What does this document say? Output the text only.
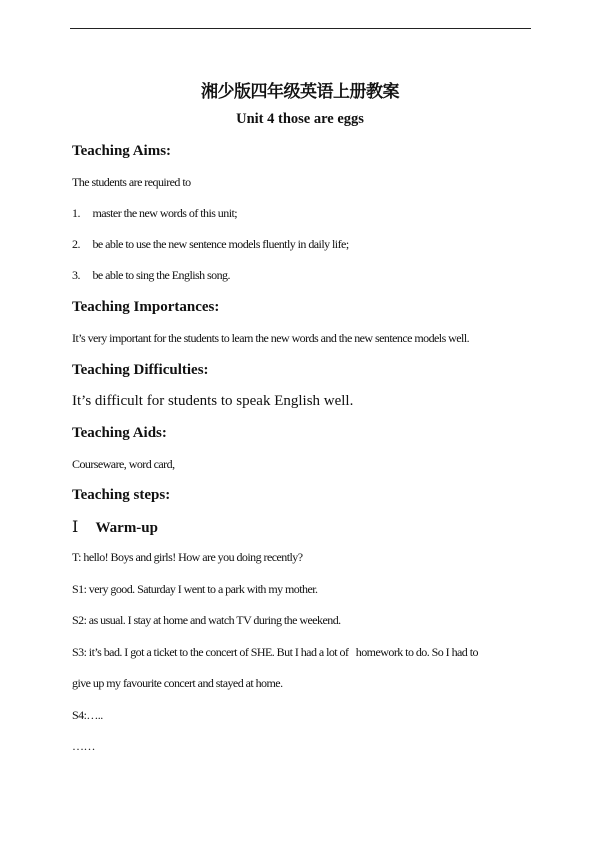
湘少版四年级英语上册教案
Unit 4 those are eggs
Teaching Aims:
The students are required to
1. master the new words of this unit;
2. be able to use the new sentence models fluently in daily life;
3. be able to sing the English song.
Teaching Importances:
It’s very important for the students to learn the new words and the new sentence models well.
Teaching Difficulties:
It’s difficult for students to speak English well.
Teaching Aids:
Courseware, word card,
Teaching steps:
Ⅰ Warm-up
T: hello! Boys and girls! How are you doing recently?
S1: very good. Saturday I went to a park with my mother.
S2: as usual. I stay at home and watch TV during the weekend.
S3: it’s bad. I got a ticket to the concert of SHE. But I had a lot of   homework to do. So I had to
give up my favourite concert and stayed at home.
S4:…..
……
